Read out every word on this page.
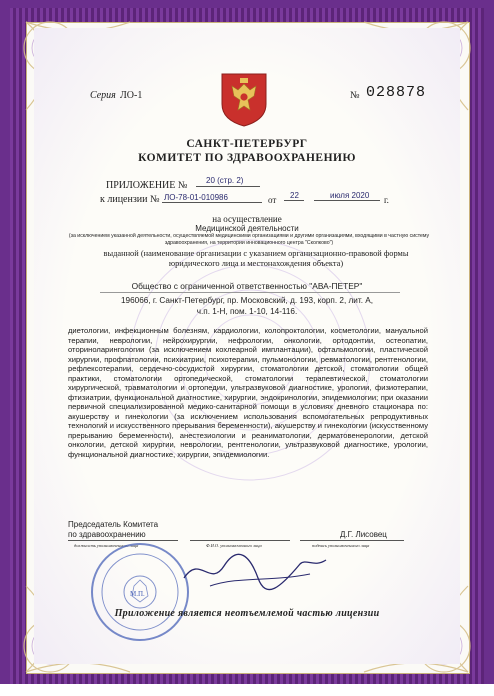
Серия ЛО-1	№ 028878
САНКТ-ПЕТЕРБУРГ
КОМИТЕТ ПО ЗДРАВООХРАНЕНИЮ
ПРИЛОЖЕНИЕ № 20 (стр. 2)
к лицензии № ЛО-78-01-010986	от 22	июля 2020 г.
на осуществление
Медицинской деятельности
(за исключением указанной деятельности, осуществляемой медицинскими организациями и другими организациями, входящими в частную систему здравоохранения, на территории инновационного центра "Сколково")
выданной (наименование организации с указанием организационно-правовой формы юридического лица и местонахождения объекта)
Общество с ограниченной ответственностью "АВА-ПЕТЕР"
196066, г. Санкт-Петербург, пр. Московский, д. 193, корп. 2, лит. А,
ч.п. 1-Н, пом. 1-10, 14-116.
диетологии, инфекционным болезням, кардиологии, колопроктологии, косметологии, мануальной терапии, неврологии, нейрохирургии, нефрологии, онкологии, ортодонтии, остеопатии, оториноларингологии (за исключением кохлеарной имплантации), офтальмологии, пластической хирургии, профпатологии, психиатрии, психотерапии, пульмонологии, ревматологии, рентгенологии, рефлексотерапии, сердечно-сосудистой хирургии, стоматологии детской, стоматологии общей практики, стоматологии ортопедической, стоматологии терапевтической, стоматологии хирургической, травматологии и ортопедии, ультразвуковой диагностике, урологии, физиотерапии, фтизиатрии, функциональной диагностике, хирургии, эндокринологии, эпидемиологии; при оказании первичной специализированной медико-санитарной помощи в условиях дневного стационара по: акушерству и гинекологии (за исключением использования вспомогательных репродуктивных технологий и искусственного прерывания беременности), акушерству и гинекологии (искусственному прерыванию беременности), анестезиологии и реаниматологии, дерматовенерологии, детской онкологии, детской хирургии, неврологии, рентгенологии, ультразвуковой диагностике, урологии, функциональной диагностике, хирургии, эпидемиологии.
Председатель Комитета
по здравоохранению
должность уполномоченного лица	Ф.И.О. уполномоченного лица
Д.Г. Лисовец
подпись уполномоченного лица
М.П.
Приложение является неотъемлемой частью лицензии
